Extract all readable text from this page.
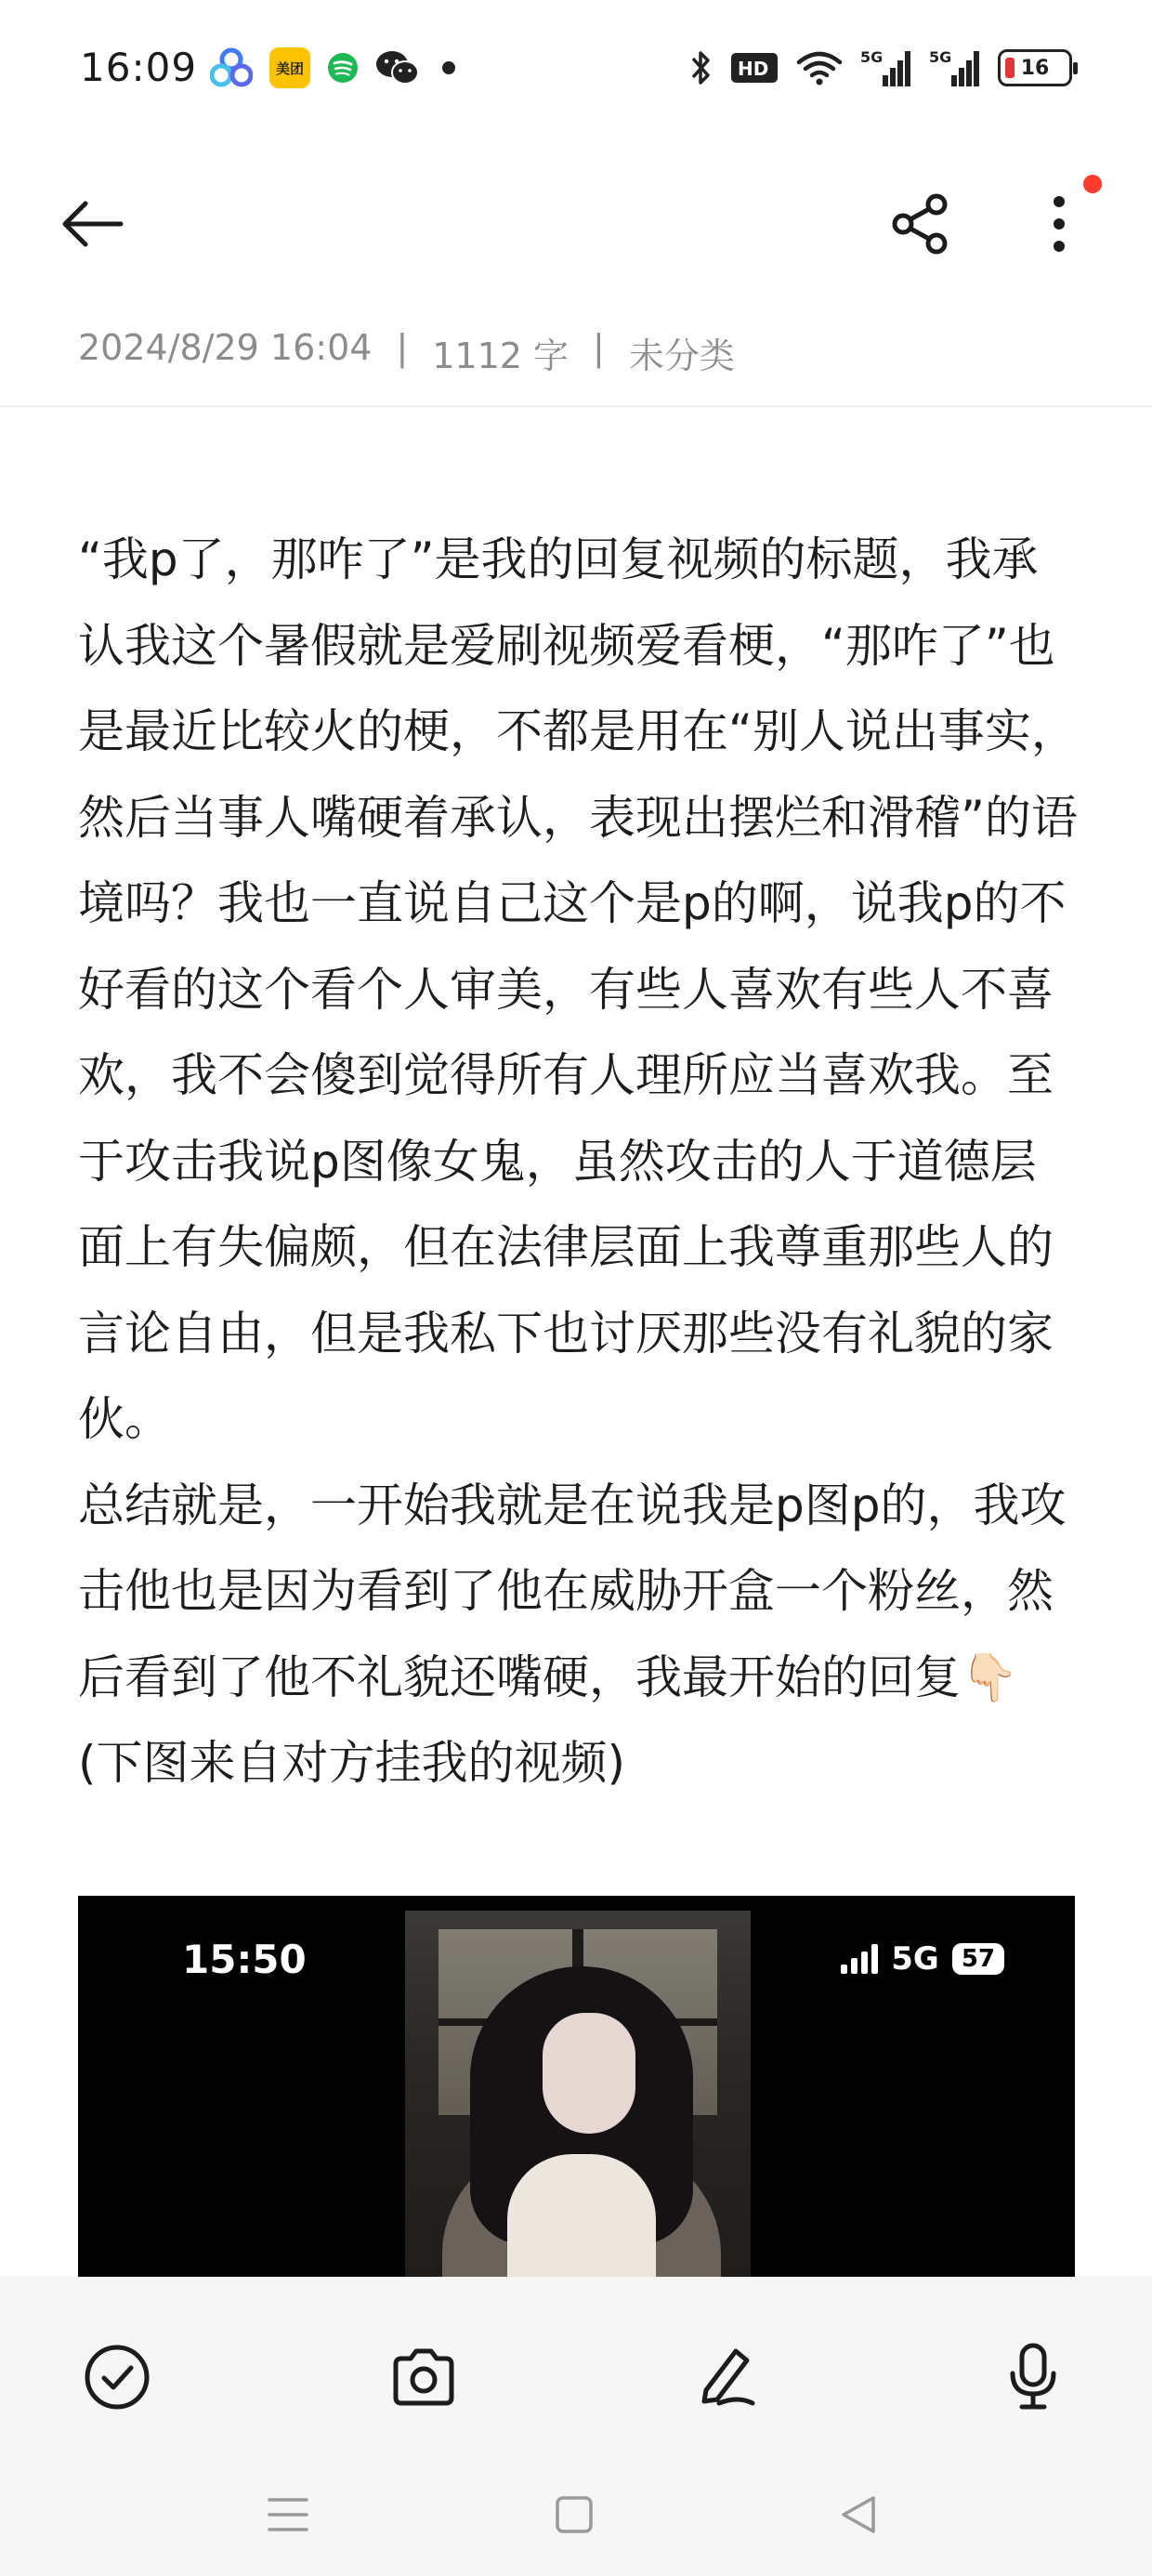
16:09	美团	HD
5G	5G	16
2024/8/29 16:04 | 1112 字 | 未分类

“我p了，那咋了”是我的回复视频的标题，我承认我这个暑假就是爱刷视频爱看梗，“那咋了”也是最近比较火的梗，不都是用在“别人说出事实，然后当事人嘴硬着承认，表现出摆烂和滑稽”的语境吗？我也一直说自己这个是p的啊，说我p的不好看的这个看个人审美，有些人喜欢有些人不喜欢，我不会傻到觉得所有人理所应当喜欢我。至于攻击我说p图像女鬼，虽然攻击的人于道德层面上有失偏颇，但在法律层面上我尊重那些人的言论自由，但是我私下也讨厌那些没有礼貌的家伙。

总结就是，一开始我就是在说我是p图p的，我攻击他也是因为看到了他在威胁开盒一个粉丝，然后看到了他不礼貌还嘴硬，我最开始的回复👇🏻(下图来自对方挂我的视频)

15:50	5G 57
